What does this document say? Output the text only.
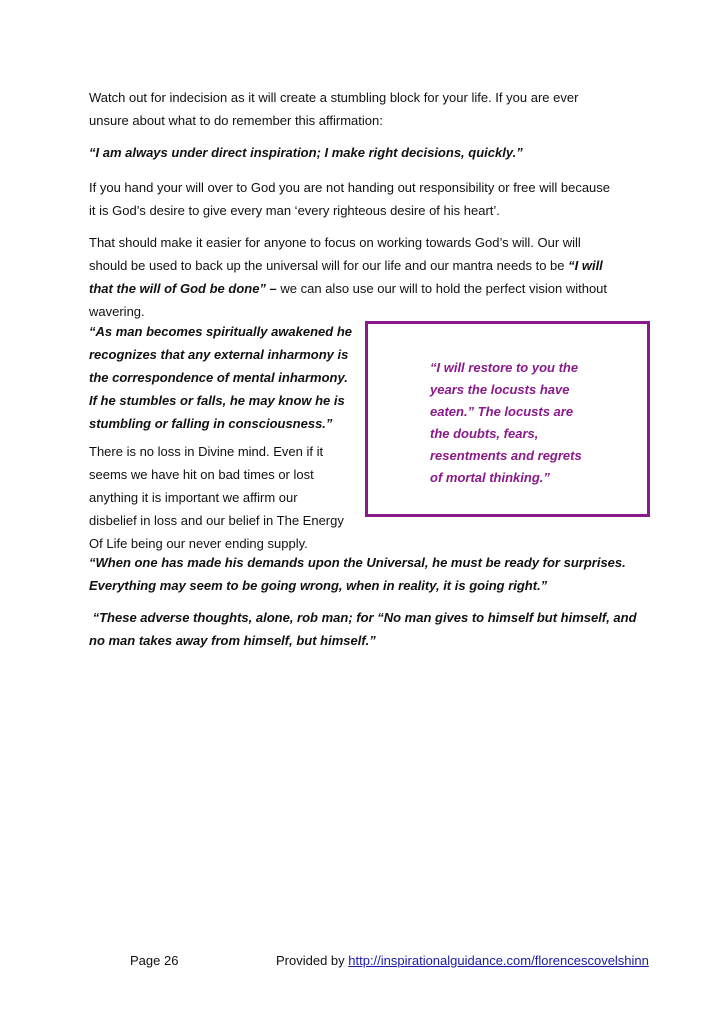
Watch out for indecision as it will create a stumbling block for your life. If you are ever
unsure about what to do remember this affirmation:

“I am always under direct inspiration; I make right decisions, quickly.”

If you hand your will over to God you are not handing out responsibility or free will because
it is God’s desire to give every man ‘every righteous desire of his heart’.

That should make it easier for anyone to focus on working towards God’s will. Our will
should be used to back up the universal will for our life and our mantra needs to be “I will
that the will of God be done” – we can also use our will to hold the perfect vision without
wavering.

“As man becomes spiritually awakened he
recognizes that any external inharmony is
the correspondence of mental inharmony.
If he stumbles or falls, he may know he is
stumbling or falling in consciousness.”

There is no loss in Divine mind. Even if it
seems we have hit on bad times or lost
anything it is important we affirm our
disbelief in loss and our belief in The Energy
Of Life being our never ending supply.

“I will restore to you the
years the locusts have
eaten.” The locusts are
the doubts, fears,
resentments and regrets
of mortal thinking.”

“When one has made his demands upon the Universal, he must be ready for surprises.
Everything may seem to be going wrong, when in reality, it is going right.”

“These adverse thoughts, alone, rob man; for “No man gives to himself but himself, and
no man takes away from himself, but himself.”

Page 26	Provided by http://inspirationalguidance.com/florencescovelshinn
